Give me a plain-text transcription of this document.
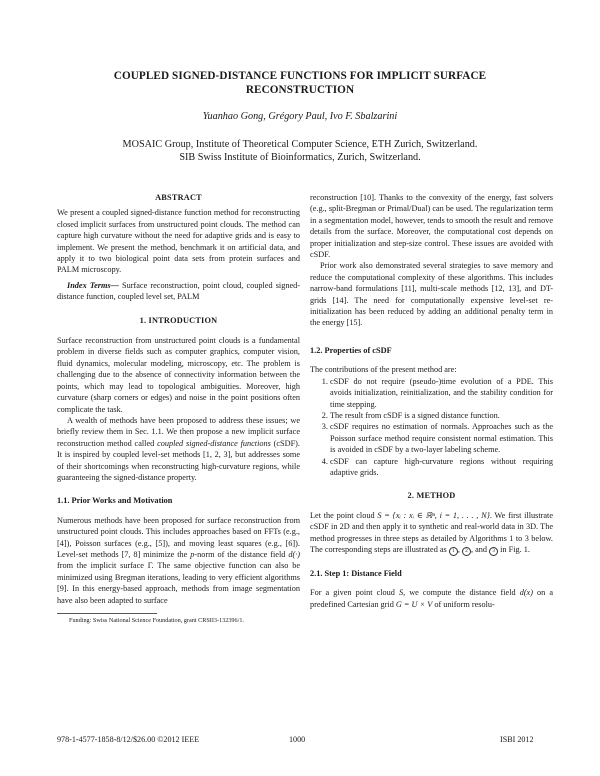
COUPLED SIGNED-DISTANCE FUNCTIONS FOR IMPLICIT SURFACE RECONSTRUCTION
Yuanhao Gong, Grégory Paul, Ivo F. Sbalzarini
MOSAIC Group, Institute of Theoretical Computer Science, ETH Zurich, Switzerland.
SIB Swiss Institute of Bioinformatics, Zurich, Switzerland.
ABSTRACT

We present a coupled signed-distance function method for reconstructing closed implicit surfaces from unstructured point clouds. The method can capture high curvature without the need for adaptive grids and is easy to implement. We present the method, benchmark it on artificial data, and apply it to two biological point data sets from protein surfaces and PALM microscopy.

Index Terms— Surface reconstruction, point cloud, coupled signed-distance function, coupled level set, PALM

1. INTRODUCTION

Surface reconstruction from unstructured point clouds is a fundamental problem in diverse fields such as computer graphics, computer vision, fluid dynamics, molecular modeling, microscopy, etc. The problem is challenging due to the absence of connectivity information between the points, which may lead to topological ambiguities. Moreover, high curvature (sharp corners or edges) and noise in the point positions often complicate the task.

A wealth of methods have been proposed to address these issues; we briefly review them in Sec. 1.1. We then propose a new implicit surface reconstruction method called coupled signed-distance functions (cSDF). It is inspired by coupled level-set methods [1, 2, 3], but addresses some of their shortcomings when reconstructing high-curvature regions, while guaranteeing the signed-distance property.

1.1. Prior Works and Motivation

Numerous methods have been proposed for surface reconstruction from unstructured point clouds. This includes approaches based on FFTs (e.g., [4]), Poisson surfaces (e.g., [5]), and moving least squares (e.g., [6]). Level-set methods [7, 8] minimize the p-norm of the distance field d(·) from the implicit surface Γ. The same objective function can also be minimized using Bregman iterations, leading to very efficient algorithms [9]. In this energy-based approach, methods from image segmentation have also been adapted to surface

Funding: Swiss National Science Foundation, grant CRSII3-132396/1.

reconstruction [10]. Thanks to the convexity of the energy, fast solvers (e.g., split-Bregman or Primal/Dual) can be used. The regularization term in a segmentation model, however, tends to smooth the result and remove details from the surface. Moreover, the computational cost depends on proper initialization and step-size control. These issues are avoided with cSDF.

Prior work also demonstrated several strategies to save memory and reduce the computational complexity of these algorithms. This includes narrow-band formulations [11], multi-scale methods [12, 13], and DT-grids [14]. The need for computationally expensive level-set re-initialization has been reduced by adding an additional penalty term in the energy [15].

1.2. Properties of cSDF

The contributions of the present method are:

1. cSDF do not require (pseudo-)time evolution of a PDE. This avoids initialization, reinitialization, and the stability condition for time stepping.
2. The result from cSDF is a signed distance function.
3. cSDF requires no estimation of normals. Approaches such as the Poisson surface method require consistent normal estimation. This is avoided in cSDF by a two-layer labeling scheme.
4. cSDF can capture high-curvature regions without requiring adaptive grids.
2. METHOD

Let the point cloud S = {xᵢ : xᵢ ∈ ℝⁿ, i = 1, . . . , N}. We first illustrate cSDF in 2D and then apply it to synthetic and real-world data in 3D. The method progresses in three steps as detailed by Algorithms 1 to 3 below. The corresponding steps are illustrated as 1 , 2 , and 3 in Fig. 1.

2.1. Step 1: Distance Field

For a given point cloud S, we compute the distance field d(x) on a predefined Cartesian grid G = U × V of uniform resolu-

978-1-4577-1858-8/12/$26.00 ©2012 IEEE	1000	ISBI 2012
